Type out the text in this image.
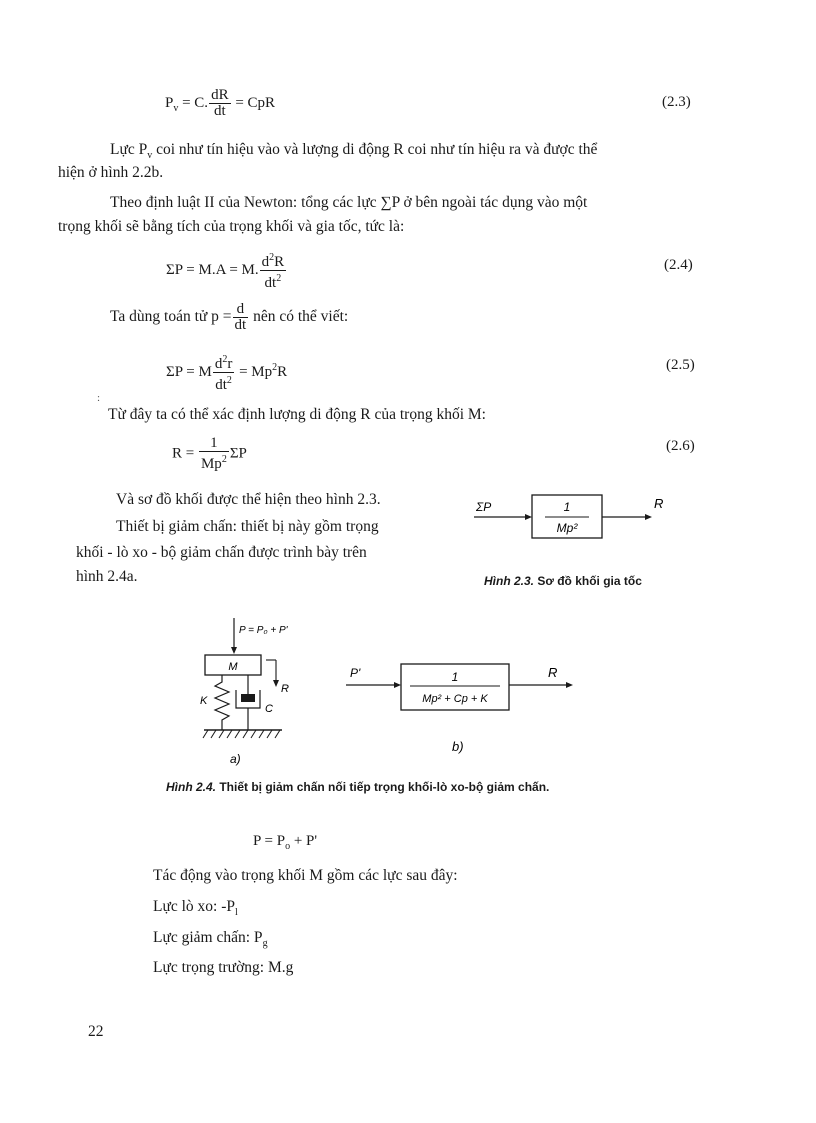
$P_v = C$. $\frac{dR}{dt}$ = CpR	(2.3)
Lực $P_v$ coi như tín hiệu vào và lượng di động R coi như tín hiệu ra và được thể
hiện ở hình 2.2b.
Theo định luật II của Newton: tổng các lực ∑P ở bên ngoài tác dụng vào một
trọng khối sẽ bằng tích của trọng khối và gia tốc, tức là:
ΣP = M.A = M. $\frac{d^2R}{dt^2}$	(2.4)
Ta dùng toán tử $p = \frac{d}{dt}$ nên có thể viết:
ΣP = M $\frac{d^2r}{dt^2} = Mp^2R$	(2.5)
:
Từ đây ta có thể xác định lượng di động R của trọng khối M:
$R = \frac{1}{Mp^2}$ ΣP	(2.6)
Và sơ đồ khối được thể hiện theo hình 2.3.
Thiết bị giảm chấn: thiết bị này gồm trọng
khối - lò xo - bộ giảm chấn được trình bày trên
hình 2.4a.
ΣP	1
Mp²
R
Hình 2.3. Sơ đồ khối gia tốc
P = P₀ + P'
M
R
K
C
a)
P'	1
Mp² + Cp + K
R
b)
Hình 2.4. Thiết bị giảm chấn nối tiếp trọng khối-lò xo-bộ giảm chấn.
$P = P_o + P'$
Tác động vào trọng khối M gồm các lực sau đây:
Lực lò xo: $-P_l$
Lực giảm chấn: $P_g$
Lực trọng trường: M.g
22
